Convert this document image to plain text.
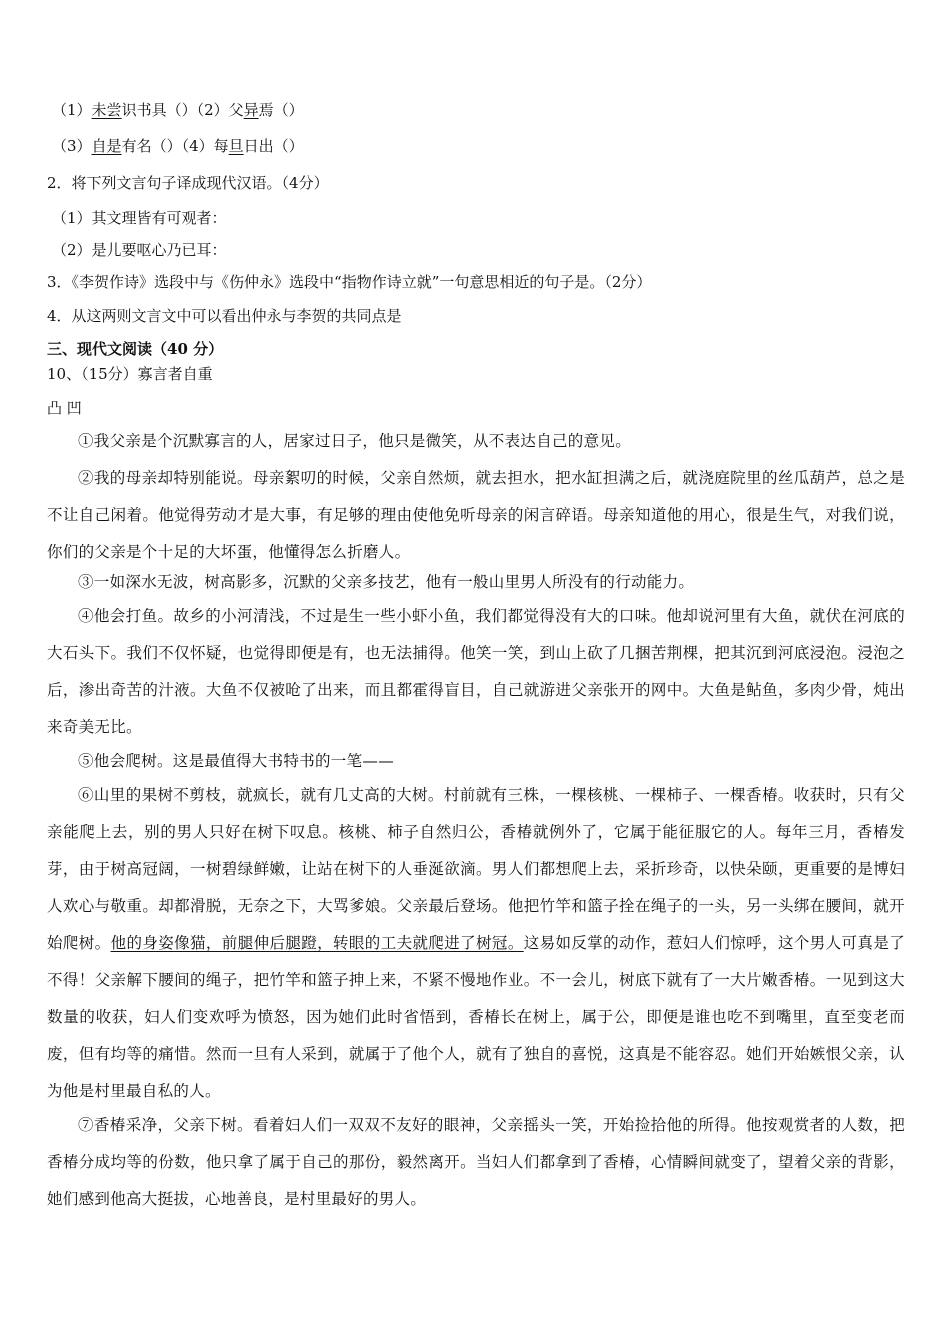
（1）未尝识书具（）（2）父异焉（）
（3）自是有名（）（4）每旦日出（）
2．将下列文言句子译成现代汉语。（4分）
（1）其文理皆有可观者：
（2）是儿要呕心乃已耳：
3．《李贺作诗》选段中与《伤仲永》选段中“指物作诗立就”一句意思相近的句子是。（2分）
4．从这两则文言文中可以看出仲永与李贺的共同点是
三、现代文阅读（40 分）
10、（15分）寡言者自重
凸 凹
①我父亲是个沉默寡言的人，居家过日子，他只是微笑，从不表达自己的意见。
②我的母亲却特别能说。母亲絮叨的时候，父亲自然烦，就去担水，把水缸担满之后，就浇庭院里的丝瓜葫芦，总之是不让自己闲着。他觉得劳动才是大事，有足够的理由使他免听母亲的闲言碎语。母亲知道他的用心，很是生气，对我们说，你们的父亲是个十足的大坏蛋，他懂得怎么折磨人。
③一如深水无波，树高影多，沉默的父亲多技艺，他有一般山里男人所没有的行动能力。
④他会打鱼。故乡的小河清浅，不过是生一些小虾小鱼，我们都觉得没有大的口味。他却说河里有大鱼，就伏在河底的大石头下。我们不仅怀疑，也觉得即便是有，也无法捕得。他笑一笑，到山上砍了几捆苦荆棵，把其沉到河底浸泡。浸泡之后，渗出奇苦的汁液。大鱼不仅被呛了出来，而且都霍得盲目，自己就游进父亲张开的网中。大鱼是鲇鱼，多肉少骨，炖出来奇美无比。
⑤他会爬树。这是最值得大书特书的一笔——
⑥山里的果树不剪枝，就疯长，就有几丈高的大树。村前就有三株，一棵核桃、一棵柿子、一棵香椿。收获时，只有父亲能爬上去，别的男人只好在树下叹息。核桃、柿子自然归公，香椿就例外了，它属于能征服它的人。每年三月，香椿发芽，由于树高冠阔，一树碧绿鲜嫩，让站在树下的人垂涎欲滴。男人们都想爬上去，采折珍奇，以快朵颐，更重要的是博妇人欢心与敬重。却都滑脱，无奈之下，大骂爹娘。父亲最后登场。他把竹竿和篮子拴在绳子的一头，另一头绑在腰间，就开始爬树。他的身姿像猫，前腿伸后腿蹬，转眼的工夫就爬进了树冠。这易如反掌的动作，惹妇人们惊呼，这个男人可真是了不得！父亲解下腰间的绳子，把竹竿和篮子抻上来，不紧不慢地作业。不一会儿，树底下就有了一大片嫩香椿。一见到这大数量的收获，妇人们变欢呼为愤怒，因为她们此时省悟到，香椿长在树上，属于公，即便是谁也吃不到嘴里，直至变老而废，但有均等的痛惜。然而一旦有人采到，就属于了他个人，就有了独自的喜悦，这真是不能容忍。她们开始嫉恨父亲，认为他是村里最自私的人。
⑦香椿采净，父亲下树。看着妇人们一双双不友好的眼神，父亲摇头一笑，开始捡拾他的所得。他按观赏者的人数，把香椿分成均等的份数，他只拿了属于自己的那份，毅然离开。当妇人们都拿到了香椿，心情瞬间就变了，望着父亲的背影，她们感到他高大挺拔，心地善良，是村里最好的男人。
